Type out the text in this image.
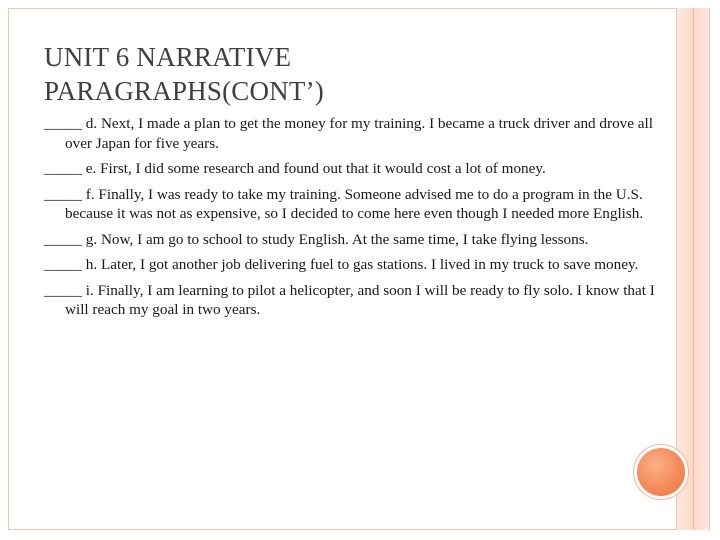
UNIT 6 NARRATIVE
PARAGRAPHS(CONT’)
_____ d. Next, I made a plan to get the money for my training. I became a truck driver and drove all over Japan for five years.
_____ e. First, I did some research and found out that it would cost a lot of money.
_____ f. Finally, I was ready to take my training. Someone advised me to do a program in the U.S. because it was not as expensive, so I decided to come here even though I needed more English.
_____ g. Now, I am go to school to study English. At the same time, I take flying lessons.
_____ h. Later, I got another job delivering fuel to gas stations. I lived in my truck to save money.
_____ i. Finally, I am learning to pilot a helicopter, and soon I will be ready to fly solo. I know that I will reach my goal in two years.
